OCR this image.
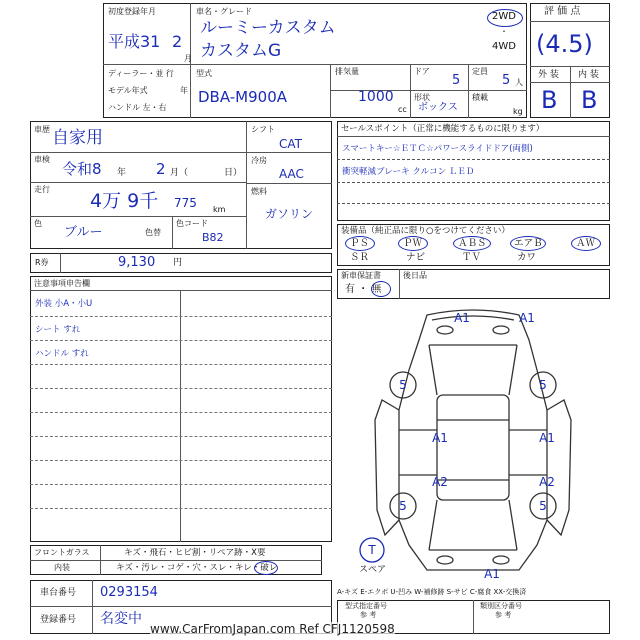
初度登録年月
平成31 2
月
車名・グレード
ルーミーカスタム
カスタムG
2WD
・
4WD
ディーラー・並 行
モデル年式	年
ハンドル 左・右
型式
DBA-M900A
排気量
1000
cc
ドア
5
定員
5 人
形状
ボックス
積載
kg
評 価 点
(4.5)
外 装 内 装
B B
車歴 自家用
車検
令和8 年 2 月（	日）
走行
4万 9千 775 km
色
ブルー	色替
色コード
B82
シフト
CAT
冷房
AAC
燃料
ガソリン
R券	9,130 円
セールスポイント（正常に機能するものに限ります）
スマートキー☆ＥＴＣ☆パワースライドドア(両側)
衝突軽減ブレーキ クルコン ＬＥＤ
装備品（純正品に限り○をつけてください）
ＰＳ	ＰＷ	ＡＢＳ	エアＢ	ＡＷ
ＳＲ	ナビ	ＴＶ	カワ
新車保証書
有 ・ 無
後日品
注意事項申告欄
外装 小A・小U
シート すれ
ハンドル すれ
フロントガラス	キズ・飛石・ヒビ割・リペア跡・X要
内装	キズ・汚レ・コゲ・穴・スレ・キレ・破レ
車台番号 0293154
登録番号 名変中
A1	A1
5	5
A1	A1
A2	A2
5	5
A1
T
スペア
A-キズ E-エクボ U-凹み W-補修跡 S-サビ C-腐食 XX-交換済
型式指定番号
参 考
類別区分番号
参 考
www.CarFromJapan.com Ref CFJ1120598
